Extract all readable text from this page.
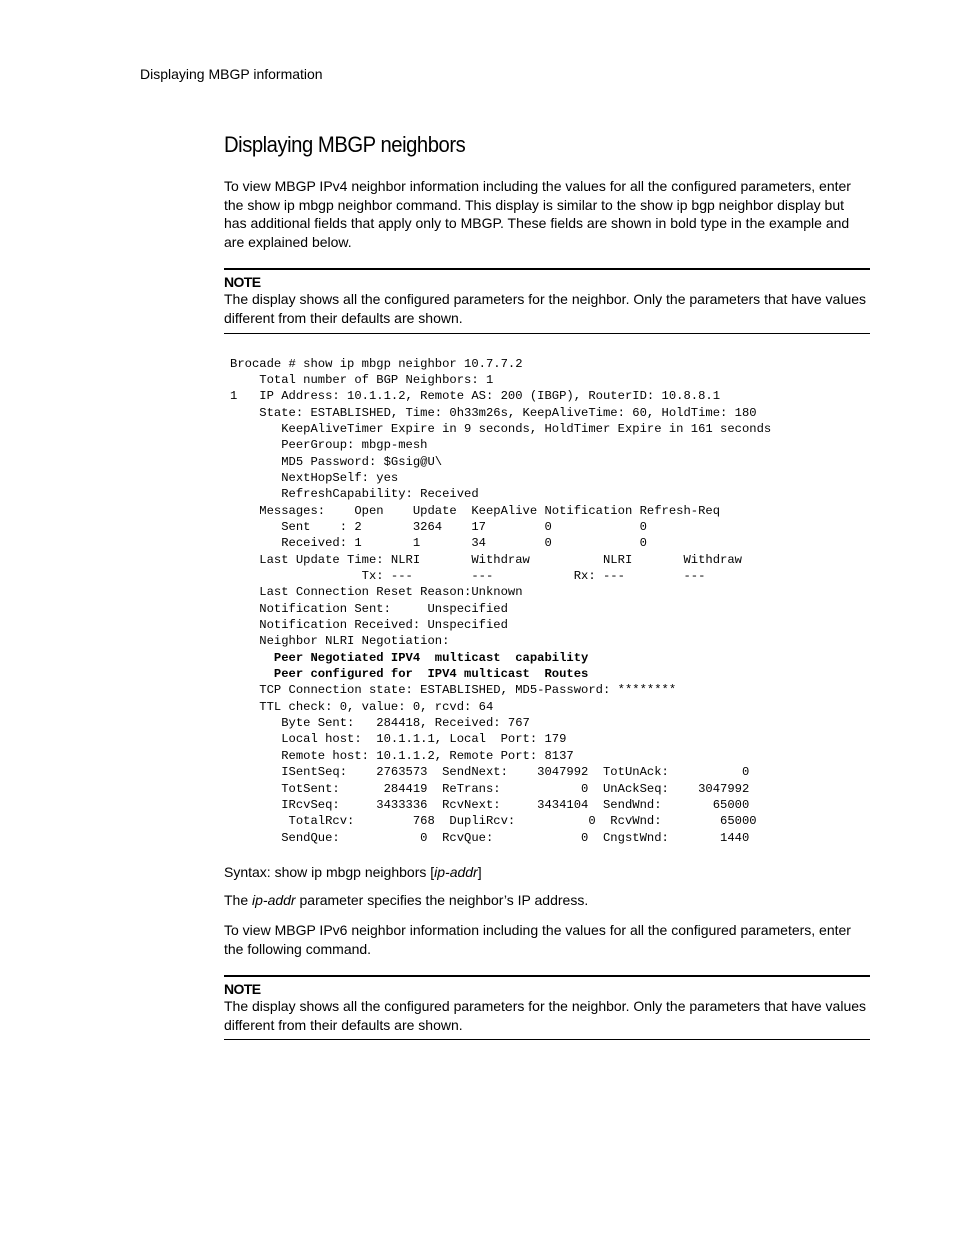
Displaying MBGP information
Displaying MBGP neighbors

To view MBGP IPv4 neighbor information including the values for all the configured parameters, enter the show ip mbgp neighbor command. This display is similar to the show ip bgp neighbor display but has additional fields that apply only to MBGP. These fields are shown in bold type in the example and are explained below.

NOTE

The display shows all the configured parameters for the neighbor. Only the parameters that have values different from their defaults are shown.

Brocade # show ip mbgp neighbor 10.7.7.2
Total number of BGP Neighbors: 1
1   IP Address: 10.1.1.2, Remote AS: 200 (IBGP), RouterID: 10.8.8.1
State: ESTABLISHED, Time: 0h33m26s, KeepAliveTime: 60, HoldTime: 180
KeepAliveTimer Expire in 9 seconds, HoldTimer Expire in 161 seconds
PeerGroup: mbgp-mesh
MD5 Password: $Gsig@U\
NextHopSelf: yes
RefreshCapability: Received
Messages:    Open    Update  KeepAlive Notification Refresh-Req
Sent    : 2       3264    17        0            0
Received: 1       1       34        0            0
Last Update Time: NLRI       Withdraw          NLRI       Withdraw
Tx: ---        ---           Rx: ---        ---
Last Connection Reset Reason:Unknown
Notification Sent:     Unspecified
Notification Received: Unspecified
Neighbor NLRI Negotiation:
Peer Negotiated IPV4  multicast  capability
Peer configured for  IPV4 multicast  Routes
TCP Connection state: ESTABLISHED, MD5-Password: ********
TTL check: 0, value: 0, rcvd: 64
Byte Sent:   284418, Received: 767
Local host:  10.1.1.1, Local  Port: 179
Remote host: 10.1.1.2, Remote Port: 8137
ISentSeq:    2763573  SendNext:    3047992  TotUnAck:          0
TotSent:      284419  ReTrans:           0  UnAckSeq:    3047992
IRcvSeq:     3433336  RcvNext:     3434104  SendWnd:       65000
TotalRcv:        768  DupliRcv:          0  RcvWnd:        65000
SendQue:           0  RcvQue:            0  CngstWnd:       1440

Syntax: show ip mbgp neighbors [ip-addr]

The ip-addr parameter specifies the neighbor’s IP address.

To view MBGP IPv6 neighbor information including the values for all the configured parameters, enter the following command.

NOTE

The display shows all the configured parameters for the neighbor. Only the parameters that have values different from their defaults are shown.
